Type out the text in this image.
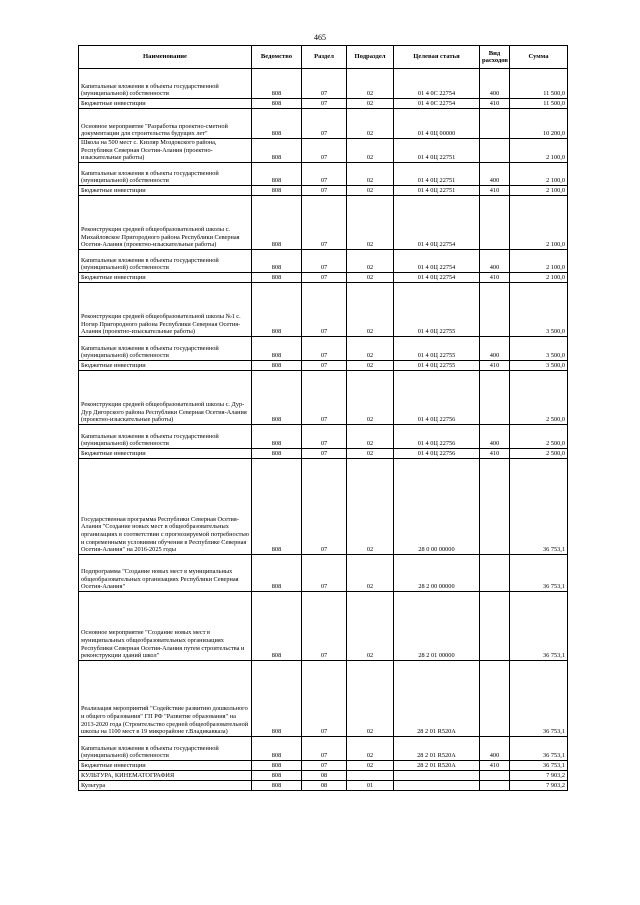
465
Наименование	Ведомство	Раздел	Подраздел	Целевая статья	Вид расходов	Сумма
Капитальные вложения в объекты государственной (муниципальной) собственности	808	07	02	01 4 0С 22754	400	11 500,0
Бюджетные инвестиции	808	07	02	01 4 0С 22754	410	11 500,0
Основное мероприятие "Разработка проектно-сметной документации для строительства будущих лет"	808	07	02	01 4 0Ц 00000		10 200,0
Школа на 500 мест с. Кизляр Моздокского района, Республики Северная Осетия-Алания (проектно-изыскательные работы)	808	07	02	01 4 0Ц 22751		2 100,0
Капитальные вложения в объекты государственной (муниципальной) собственности	808	07	02	01 4 0Ц 22751	400	2 100,0
Бюджетные инвестиции	808	07	02	01 4 0Ц 22751	410	2 100,0
Реконструкция средней общеобразовательной школы с. Михайловское Пригородного района Республики Северная Осетия-Алания (проектно-изыскательные работы)	808	07	02	01 4 0Ц 22754		2 100,0
Капитальные вложения в объекты государственной (муниципальной) собственности	808	07	02	01 4 0Ц 22754	400	2 100,0
Бюджетные инвестиции	808	07	02	01 4 0Ц 22754	410	2 100,0
Реконструкция средней общеобразовательной школы №1 с. Ногир Пригородного района Республики Северная Осетия-Алания (проектно-изыскательные работы)	808	07	02	01 4 0Ц 22755		3 500,0
Капитальные вложения в объекты государственной (муниципальной) собственности	808	07	02	01 4 0Ц 22755	400	3 500,0
Бюджетные инвестиции	808	07	02	01 4 0Ц 22755	410	3 500,0
Реконструкция средней общеобразовательной школы с. Дур-Дур Дигорского района Республики Северная Осетия-Алания (проектно-изыскательные работы)	808	07	02	01 4 0Ц 22756		2 500,0
Капитальные вложения в объекты государственной (муниципальной) собственности	808	07	02	01 4 0Ц 22756	400	2 500,0
Бюджетные инвестиции	808	07	02	01 4 0Ц 22756	410	2 500,0
Государственная программа Республики Северная Осетия-Алания "Создание новых мест в общеобразовательных организациях в соответствии с прогнозируемой потребностью и современными условиями обучения в Республике Северная Осетия-Алания" на 2016-2025 годы	808	07	02	28 0 00 00000		36 753,1
Подпрограмма "Создание новых мест в муниципальных общеобразовательных организациях Республики Северная Осетия-Алания"	808	07	02	28 2 00 00000		36 753,1
Основное мероприятие "Создание новых мест в муниципальных общеобразовательных организациях Республики Северная Осетия-Алания путем строительства и реконструкции зданий школ"	808	07	02	28 2 01 00000		36 753,1
Реализация мероприятий "Содействие развитию дошкольного и общего образования" ГП РФ "Развитие образования" на 2013-2020 года (Строительство средней общеобразовательной школы на 1100 мест в 19 микрорайоне г.Владикавказа)	808	07	02	28 2 01 R520А		36 753,1
Капитальные вложения в объекты государственной (муниципальной) собственности	808	07	02	28 2 01 R520А	400	36 753,1
Бюджетные инвестиции	808	07	02	28 2 01 R520А	410	36 753,1
КУЛЬТУРА, КИНЕМАТОГРАФИЯ	808	08				7 903,2
Культура	808	08	01			7 903,2
